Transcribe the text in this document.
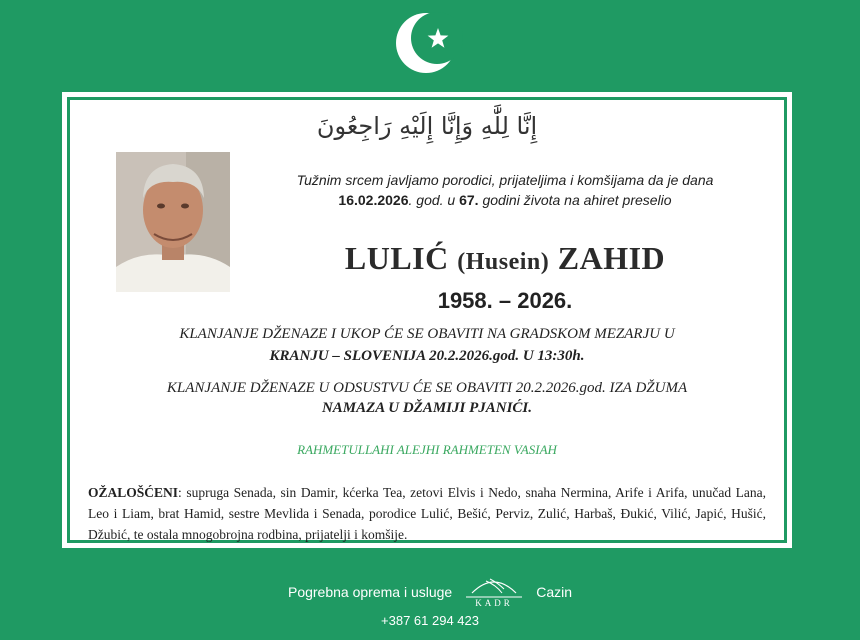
إِنَّا لِلَّٰهِ وَإِنَّا إِلَيْهِ رَاجِعُونَ
Tužnim srcem javljamo porodici, prijateljima i komšijama da je dana
16.02.2026. god. u 67. godini života na ahiret preselio
LULIĆ (Husein) ZAHID
1958. – 2026.
KLANJANJE DŽENAZE I UKOP ĆE SE OBAVITI NA GRADSKOM MEZARJU U
KRANJU – SLOVENIJA 20.2.2026.god. U 13:30h.
KLANJANJE DŽENAZE U ODSUSTVU ĆE SE OBAVITI 20.2.2026.god. IZA DŽUMA
NAMAZA U DŽAMIJI PJANIĆI.
RAHMETULLAHI ALEJHI RAHMETEN VASIAH
OŽALOŠĆENI: supruga Senada, sin Damir, kćerka Tea, zetovi Elvis i Nedo, snaha Nermina, Arife i Arifa, unučad Lana, Leo i Liam, brat Hamid, sestre Mevlida i Senada, porodice Lulić, Bešić, Perviz, Zulić, Harbaš, Đukić, Vilić, Japić, Hušić, Džubić, te ostala mnogobrojna rodbina, prijatelji i komšije.
Pogrebna oprema i usluge
KADR
Cazin
+387 61 294 423
